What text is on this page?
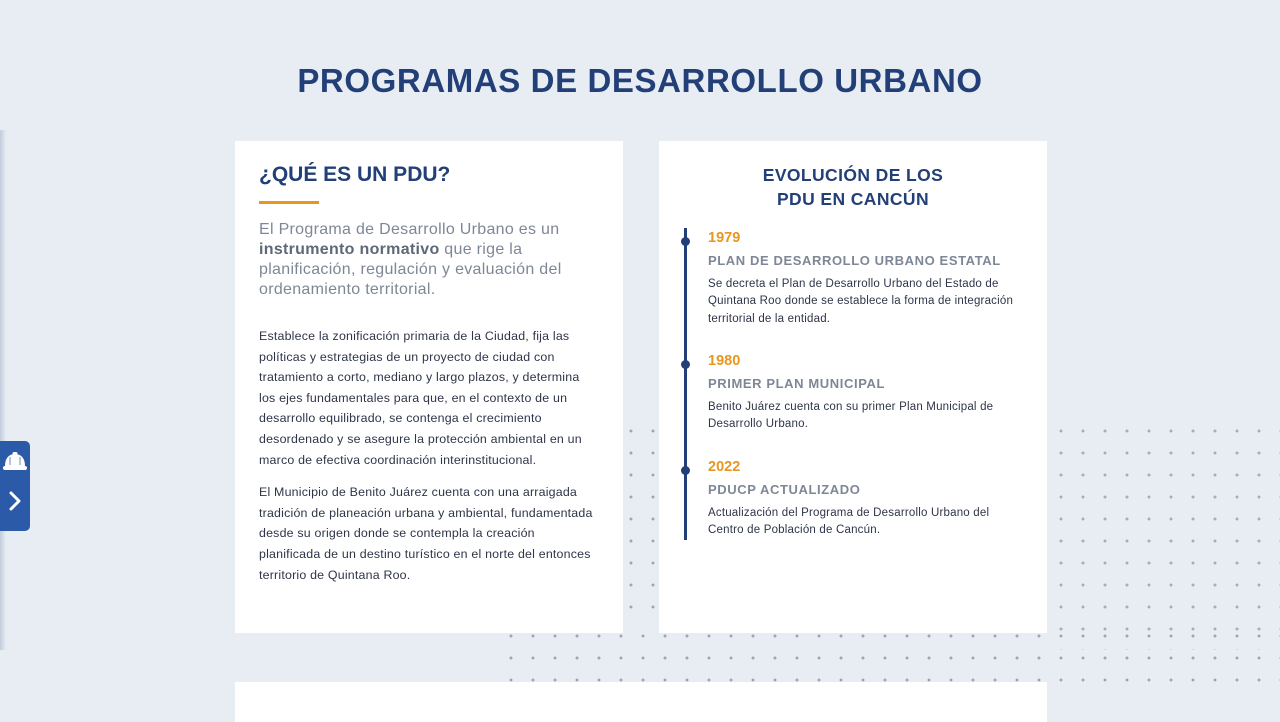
PROGRAMAS DE DESARROLLO URBANO
¿QUÉ ES UN PDU?

El Programa de Desarrollo Urbano es un instrumento normativo que rige la planificación, regulación y evaluación del ordenamiento territorial.

Establece la zonificación primaria de la Ciudad, fija las políticas y estrategias de un proyecto de ciudad con tratamiento a corto, mediano y largo plazos, y determina los ejes fundamentales para que, en el contexto de un desarrollo equilibrado, se contenga el crecimiento desordenado y se asegure la protección ambiental en un marco de efectiva coordinación interinstitucional.

El Municipio de Benito Juárez cuenta con una arraigada tradición de planeación urbana y ambiental, fundamentada desde su origen donde se contempla la creación planificada de un destino turístico en el norte del entonces territorio de Quintana Roo.

EVOLUCIÓN DE LOS
PDU EN CANCÚN

1979

PLAN DE DESARROLLO URBANO ESTATAL

Se decreta el Plan de Desarrollo Urbano del Estado de Quintana Roo donde se establece la forma de integración territorial de la entidad.

1980

PRIMER PLAN MUNICIPAL

Benito Juárez cuenta con su primer Plan Municipal de Desarrollo Urbano.

2022

PDUCP ACTUALIZADO

Actualización del Programa de Desarrollo Urbano del Centro de Población de Cancún.
